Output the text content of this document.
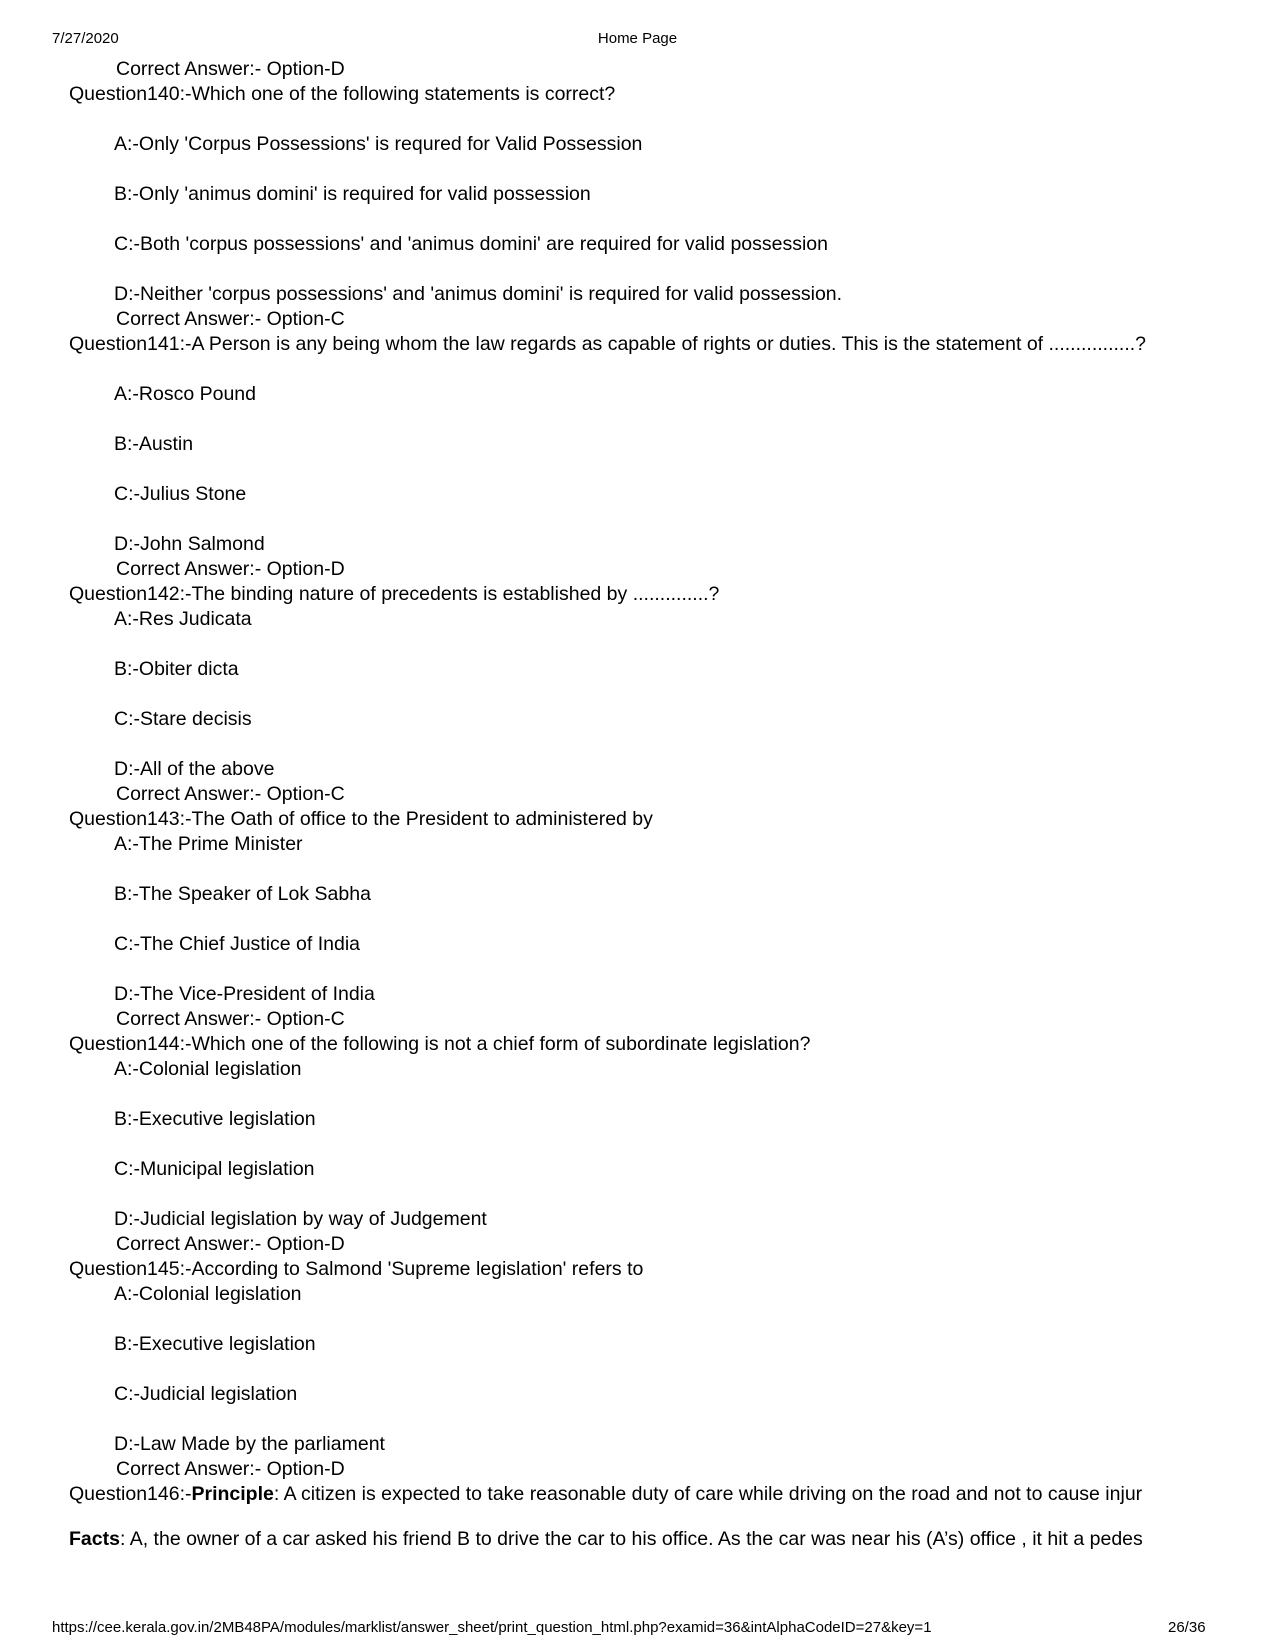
7/27/2020	Home Page
Correct Answer:- Option-D
Question140:-Which one of the following statements is correct?
A:-Only 'Corpus Possessions' is requred for Valid Possession
B:-Only 'animus domini' is required for valid possession
C:-Both 'corpus possessions' and 'animus domini' are required for valid possession
D:-Neither 'corpus possessions' and 'animus domini' is required for valid possession.
Correct Answer:- Option-C
Question141:-A Person is any being whom the law regards as capable of rights or duties. This is the statement of ................?
A:-Rosco Pound
B:-Austin
C:-Julius Stone
D:-John Salmond
Correct Answer:- Option-D
Question142:-The binding nature of precedents is established by ..............?
A:-Res Judicata
B:-Obiter dicta
C:-Stare decisis
D:-All of the above
Correct Answer:- Option-C
Question143:-The Oath of office to the President to administered by
A:-The Prime Minister
B:-The Speaker of Lok Sabha
C:-The Chief Justice of India
D:-The Vice-President of India
Correct Answer:- Option-C
Question144:-Which one of the following is not a chief form of subordinate legislation?
A:-Colonial legislation
B:-Executive legislation
C:-Municipal legislation
D:-Judicial legislation by way of Judgement
Correct Answer:- Option-D
Question145:-According to Salmond 'Supreme legislation' refers to
A:-Colonial legislation
B:-Executive legislation
C:-Judicial legislation
D:-Law Made by the parliament
Correct Answer:- Option-D
Question146:-Principle: A citizen is expected to take reasonable duty of care while driving on the road and not to cause injur
Facts: A, the owner of a car asked his friend B to drive the car to his office. As the car was near his (A’s) office , it hit a pedes
https://cee.kerala.gov.in/2MB48PA/modules/marklist/answer_sheet/print_question_html.php?examid=36&intAlphaCodeID=27&key=1	26/36
